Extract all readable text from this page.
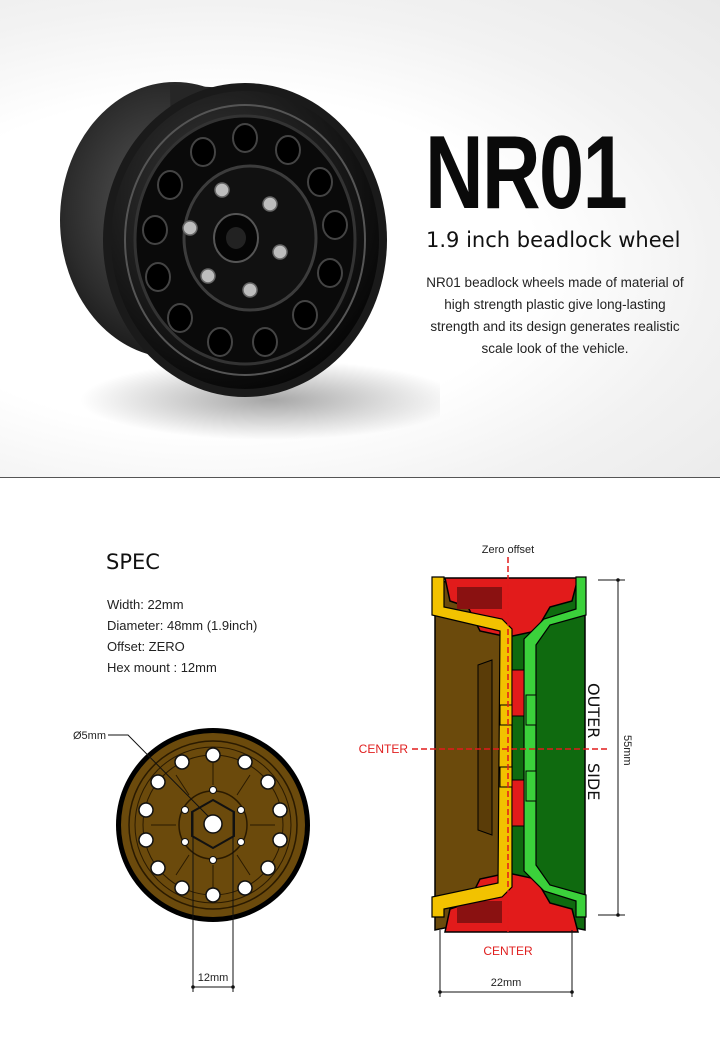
NR01
1.9 inch beadlock wheel

NR01 beadlock wheels made of material of high strength plastic give long-lasting strength and its design generates realistic scale look of the vehicle.

SPEC
Width: 22mm
Diameter: 48mm (1.9inch)
Offset: ZERO
Hex mount : 12mm
Ø5mm
12mm
Zero offset
CENTER
CENTER
OUTER
SIDE
55mm
22mm
